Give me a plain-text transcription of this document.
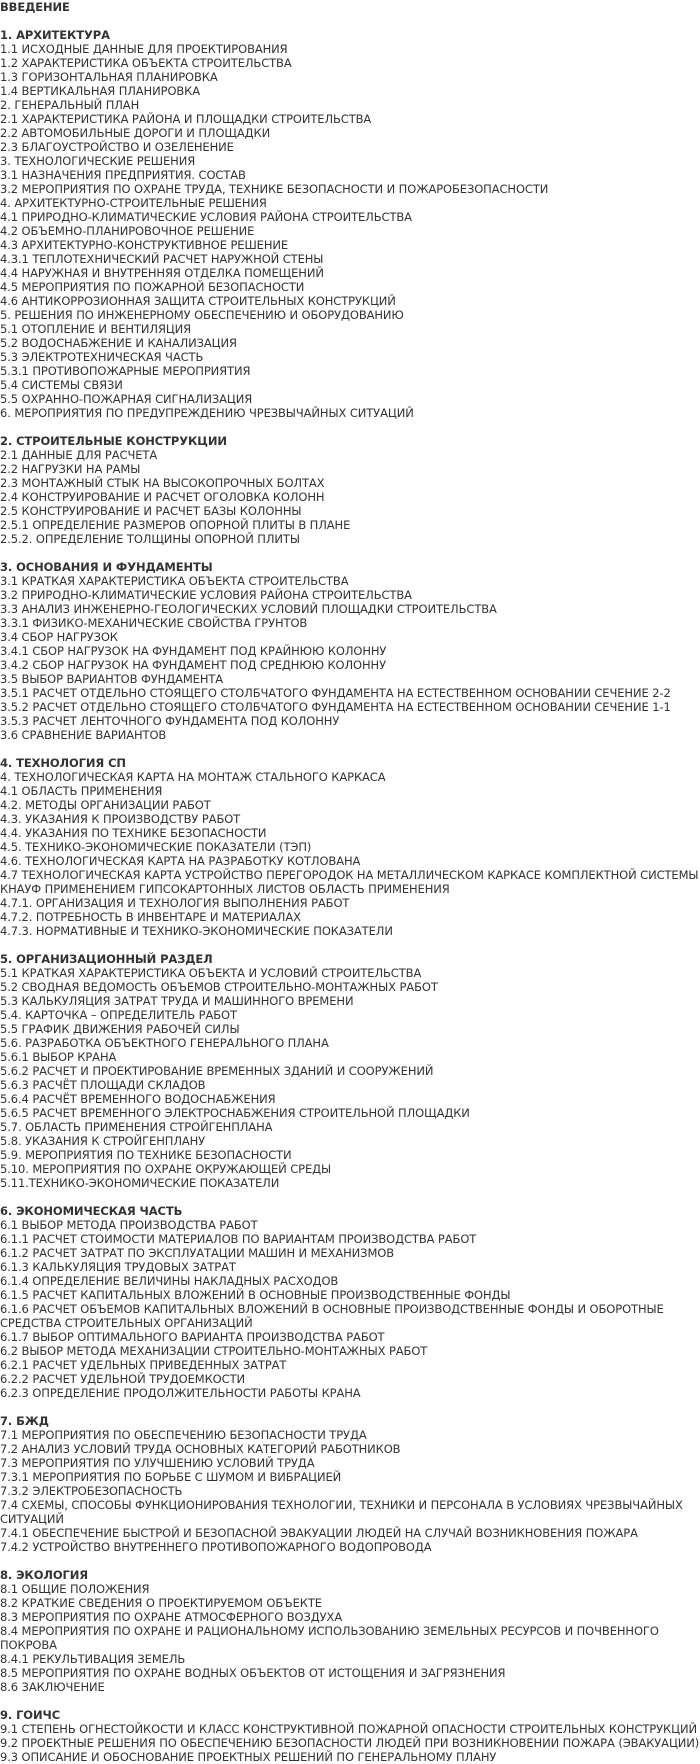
ВВЕДЕНИЕ
1. АРХИТЕКТУРА
1.1 ИСХОДНЫЕ ДАННЫЕ ДЛЯ ПРОЕКТИРОВАНИЯ
1.2 ХАРАКТЕРИСТИКА ОБЪЕКТА СТРОИТЕЛЬСТВА
1.3 ГОРИЗОНТАЛЬНАЯ ПЛАНИРОВКА
1.4 ВЕРТИКАЛЬНАЯ ПЛАНИРОВКА
2. ГЕНЕРАЛЬНЫЙ ПЛАН
2.1 ХАРАКТЕРИСТИКА РАЙОНА И ПЛОЩАДКИ СТРОИТЕЛЬСТВА
2.2 АВТОМОБИЛЬНЫЕ ДОРОГИ И ПЛОЩАДКИ
2.3 БЛАГОУСТРОЙСТВО И ОЗЕЛЕНЕНИЕ
3. ТЕХНОЛОГИЧЕСКИЕ РЕШЕНИЯ
3.1 НАЗНАЧЕНИЯ ПРЕДПРИЯТИЯ. СОСТАВ
3.2 МЕРОПРИЯТИЯ ПО ОХРАНЕ ТРУДА, ТЕХНИКЕ БЕЗОПАСНОСТИ И ПОЖАРОБЕЗОПАСНОСТИ
4. АРХИТЕКТУРНО-СТРОИТЕЛЬНЫЕ РЕШЕНИЯ
4.1 ПРИРОДНО-КЛИМАТИЧЕСКИЕ УСЛОВИЯ РАЙОНА СТРОИТЕЛЬСТВА
4.2 ОБЪЕМНО-ПЛАНИРОВОЧНОЕ РЕШЕНИЕ
4.3 АРХИТЕКТУРНО-КОНСТРУКТИВНОЕ РЕШЕНИЕ
4.3.1 ТЕПЛОТЕХНИЧЕСКИЙ РАСЧЕТ НАРУЖНОЙ СТЕНЫ
4.4 НАРУЖНАЯ И ВНУТРЕННЯЯ ОТДЕЛКА ПОМЕЩЕНИЙ
4.5 МЕРОПРИЯТИЯ ПО ПОЖАРНОЙ БЕЗОПАСНОСТИ
4.6 АНТИКОРРОЗИОННАЯ ЗАЩИТА СТРОИТЕЛЬНЫХ КОНСТРУКЦИЙ
5. РЕШЕНИЯ ПО ИНЖЕНЕРНОМУ ОБЕСПЕЧЕНИЮ И ОБОРУДОВАНИЮ
5.1 ОТОПЛЕНИЕ И ВЕНТИЛЯЦИЯ
5.2 ВОДОСНАБЖЕНИЕ И КАНАЛИЗАЦИЯ
5.3 ЭЛЕКТРОТЕХНИЧЕСКАЯ ЧАСТЬ
5.3.1 ПРОТИВОПОЖАРНЫЕ МЕРОПРИЯТИЯ
5.4 СИСТЕМЫ СВЯЗИ
5.5 ОХРАННО-ПОЖАРНАЯ СИГНАЛИЗАЦИЯ
6. МЕРОПРИЯТИЯ ПО ПРЕДУПРЕЖДЕНИЮ ЧРЕЗВЫЧАЙНЫХ СИТУАЦИЙ
2. СТРОИТЕЛЬНЫЕ КОНСТРУКЦИИ
2.1 ДАННЫЕ ДЛЯ РАСЧЕТА
2.2 НАГРУЗКИ НА РАМЫ
2.3 МОНТАЖНЫЙ СТЫК НА ВЫСОКОПРОЧНЫХ БОЛТАХ
2.4 КОНСТРУИРОВАНИЕ И РАСЧЕТ ОГОЛОВКА КОЛОНН
2.5 КОНСТРУИРОВАНИЕ И РАСЧЕТ БАЗЫ КОЛОННЫ
2.5.1 ОПРЕДЕЛЕНИЕ РАЗМЕРОВ ОПОРНОЙ ПЛИТЫ В ПЛАНЕ
2.5.2. ОПРЕДЕЛЕНИЕ ТОЛЩИНЫ ОПОРНОЙ ПЛИТЫ
3. ОСНОВАНИЯ И ФУНДАМЕНТЫ
3.1 КРАТКАЯ ХАРАКТЕРИСТИКА ОБЪЕКТА СТРОИТЕЛЬСТВА
3.2 ПРИРОДНО-КЛИМАТИЧЕСКИЕ УСЛОВИЯ РАЙОНА СТРОИТЕЛЬСТВА
3.3 АНАЛИЗ ИНЖЕНЕРНО-ГЕОЛОГИЧЕСКИХ УСЛОВИЙ ПЛОЩАДКИ СТРОИТЕЛЬСТВА
3.3.1 ФИЗИКО-МЕХАНИЧЕСКИЕ СВОЙСТВА ГРУНТОВ
3.4 СБОР НАГРУЗОК
3.4.1 СБОР НАГРУЗОК НА ФУНДАМЕНТ ПОД КРАЙНЮЮ КОЛОННУ
3.4.2 СБОР НАГРУЗОК НА ФУНДАМЕНТ ПОД СРЕДНЮЮ КОЛОННУ
3.5 ВЫБОР ВАРИАНТОВ ФУНДАМЕНТА
3.5.1 РАСЧЕТ ОТДЕЛЬНО СТОЯЩЕГО СТОЛБЧАТОГО ФУНДАМЕНТА НА ЕСТЕСТВЕННОМ ОСНОВАНИИ СЕЧЕНИЕ 2-2
3.5.2 РАСЧЕТ ОТДЕЛЬНО СТОЯЩЕГО СТОЛБЧАТОГО ФУНДАМЕНТА НА ЕСТЕСТВЕННОМ ОСНОВАНИИ СЕЧЕНИЕ 1-1
3.5.3 РАСЧЕТ ЛЕНТОЧНОГО ФУНДАМЕНТА ПОД КОЛОННУ
3.6 СРАВНЕНИЕ ВАРИАНТОВ
4. ТЕХНОЛОГИЯ СП
4. ТЕХНОЛОГИЧЕСКАЯ КАРТА НА МОНТАЖ СТАЛЬНОГО КАРКАСА
4.1 ОБЛАСТЬ ПРИМЕНЕНИЯ
4.2. МЕТОДЫ ОРГАНИЗАЦИИ РАБОТ
4.3. УКАЗАНИЯ К ПРОИЗВОДСТВУ РАБОТ
4.4. УКАЗАНИЯ ПО ТЕХНИКЕ БЕЗОПАСНОСТИ
4.5. ТЕХНИКО-ЭКОНОМИЧЕСКИЕ ПОКАЗАТЕЛИ (ТЭП)
4.6. ТЕХНОЛОГИЧЕСКАЯ КАРТА НА РАЗРАБОТКУ КОТЛОВАНА
4.7 ТЕХНОЛОГИЧЕСКАЯ КАРТА УСТРОЙСТВО ПЕРЕГОРОДОК НА МЕТАЛЛИЧЕСКОМ КАРКАСЕ КОМПЛЕКТНОЙ СИСТЕМЫ КНАУФ ПРИМЕНЕНИЕМ ГИПСОКАРТОННЫХ ЛИСТОВ ОБЛАСТЬ ПРИМЕНЕНИЯ
4.7.1. ОРГАНИЗАЦИЯ И ТЕХНОЛОГИЯ ВЫПОЛНЕНИЯ РАБОТ
4.7.2. ПОТРЕБНОСТЬ В ИНВЕНТАРЕ И МАТЕРИАЛАХ
4.7.3. НОРМАТИВНЫЕ И ТЕХНИКО-ЭКОНОМИЧЕСКИЕ ПОКАЗАТЕЛИ
5. ОРГАНИЗАЦИОННЫЙ РАЗДЕЛ
5.1 КРАТКАЯ ХАРАКТЕРИСТИКА ОБЪЕКТА И УСЛОВИЙ СТРОИТЕЛЬСТВА
5.2 СВОДНАЯ ВЕДОМОСТЬ ОБЪЕМОВ СТРОИТЕЛЬНО-МОНТАЖНЫХ РАБОТ
5.3 КАЛЬКУЛЯЦИЯ ЗАТРАТ ТРУДА И МАШИННОГО ВРЕМЕНИ
5.4. КАРТОЧКА – ОПРЕДЕЛИТЕЛЬ РАБОТ
5.5 ГРАФИК ДВИЖЕНИЯ РАБОЧЕЙ СИЛЫ
5.6. РАЗРАБОТКА ОБЪЕКТНОГО ГЕНЕРАЛЬНОГО ПЛАНА
5.6.1 ВЫБОР КРАНА
5.6.2 РАСЧЕТ И ПРОЕКТИРОВАНИЕ ВРЕМЕННЫХ ЗДАНИЙ И СООРУЖЕНИЙ
5.6.3 РАСЧЁТ ПЛОЩАДИ СКЛАДОВ
5.6.4 РАСЧЁТ ВРЕМЕННОГО ВОДОСНАБЖЕНИЯ
5.6.5 РАСЧЕТ ВРЕМЕННОГО ЭЛЕКТРОСНАБЖЕНИЯ СТРОИТЕЛЬНОЙ ПЛОЩАДКИ
5.7. ОБЛАСТЬ ПРИМЕНЕНИЯ СТРОЙГЕНПЛАНА
5.8. УКАЗАНИЯ К СТРОЙГЕНПЛАНУ
5.9. МЕРОПРИЯТИЯ ПО ТЕХНИКЕ БЕЗОПАСНОСТИ
5.10. МЕРОПРИЯТИЯ ПО ОХРАНЕ ОКРУЖАЮЩЕЙ СРЕДЫ
5.11.ТЕХНИКО-ЭКОНОМИЧЕСКИЕ ПОКАЗАТЕЛИ
6. ЭКОНОМИЧЕСКАЯ ЧАСТЬ
6.1 ВЫБОР МЕТОДА ПРОИЗВОДСТВА РАБОТ
6.1.1 РАСЧЕТ СТОИМОСТИ МАТЕРИАЛОВ ПО ВАРИАНТАМ ПРОИЗВОДСТВА РАБОТ
6.1.2 РАСЧЕТ ЗАТРАТ ПО ЭКСПЛУАТАЦИИ МАШИН И МЕХАНИЗМОВ
6.1.3 КАЛЬКУЛЯЦИЯ ТРУДОВЫХ ЗАТРАТ
6.1.4 ОПРЕДЕЛЕНИЕ ВЕЛИЧИНЫ НАКЛАДНЫХ РАСХОДОВ
6.1.5 РАСЧЕТ КАПИТАЛЬНЫХ ВЛОЖЕНИЙ В ОСНОВНЫЕ ПРОИЗВОДСТВЕННЫЕ ФОНДЫ
6.1.6 РАСЧЕТ ОБЪЕМОВ КАПИТАЛЬНЫХ ВЛОЖЕНИЙ В ОСНОВНЫЕ ПРОИЗВОДСТВЕННЫЕ ФОНДЫ И ОБОРОТНЫЕ СРЕДСТВА СТРОИТЕЛЬНЫХ ОРГАНИЗАЦИЙ
6.1.7 ВЫБОР ОПТИМАЛЬНОГО ВАРИАНТА ПРОИЗВОДСТВА РАБОТ
6.2 ВЫБОР МЕТОДА МЕХАНИЗАЦИИ СТРОИТЕЛЬНО-МОНТАЖНЫХ РАБОТ
6.2.1 РАСЧЕТ УДЕЛЬНЫХ ПРИВЕДЕННЫХ ЗАТРАТ
6.2.2 РАСЧЕТ УДЕЛЬНОЙ ТРУДОЕМКОСТИ
6.2.3 ОПРЕДЕЛЕНИЕ ПРОДОЛЖИТЕЛЬНОСТИ РАБОТЫ КРАНА
7. БЖД
7.1 МЕРОПРИЯТИЯ ПО ОБЕСПЕЧЕНИЮ БЕЗОПАСНОСТИ ТРУДА
7.2 АНАЛИЗ УСЛОВИЙ ТРУДА ОСНОВНЫХ КАТЕГОРИЙ РАБОТНИКОВ
7.3 МЕРОПРИЯТИЯ ПО УЛУЧШЕНИЮ УСЛОВИЙ ТРУДА
7.3.1 МЕРОПРИЯТИЯ ПО БОРЬБЕ С ШУМОМ И ВИБРАЦИЕЙ
7.3.2 ЭЛЕКТРОБЕЗОПАСНОСТЬ
7.4 СХЕМЫ, СПОСОБЫ ФУНКЦИОНИРОВАНИЯ ТЕХНОЛОГИИ, ТЕХНИКИ И ПЕРСОНАЛА В УСЛОВИЯХ ЧРЕЗВЫЧАЙНЫХ СИТУАЦИЙ
7.4.1 ОБЕСПЕЧЕНИЕ БЫСТРОЙ И БЕЗОПАСНОЙ ЭВАКУАЦИИ ЛЮДЕЙ НА СЛУЧАЙ ВОЗНИКНОВЕНИЯ ПОЖАРА
7.4.2 УСТРОЙСТВО ВНУТРЕННЕГО ПРОТИВОПОЖАРНОГО ВОДОПРОВОДА
8. ЭКОЛОГИЯ
8.1 ОБЩИЕ ПОЛОЖЕНИЯ
8.2 КРАТКИЕ СВЕДЕНИЯ О ПРОЕКТИРУЕМОМ ОБЪЕКТЕ
8.3 МЕРОПРИЯТИЯ ПО ОХРАНЕ АТМОСФЕРНОГО ВОЗДУХА
8.4 МЕРОПРИЯТИЯ ПО ОХРАНЕ И РАЦИОНАЛЬНОМУ ИСПОЛЬЗОВАНИЮ ЗЕМЕЛЬНЫХ РЕСУРСОВ И ПОЧВЕННОГО ПОКРОВА
8.4.1 РЕКУЛЬТИВАЦИЯ ЗЕМЕЛЬ
8.5 МЕРОПРИЯТИЯ ПО ОХРАНЕ ВОДНЫХ ОБЪЕКТОВ ОТ ИСТОЩЕНИЯ И ЗАГРЯЗНЕНИЯ
8.6 ЗАКЛЮЧЕНИЕ
9. ГОИЧС
9.1 СТЕПЕНЬ ОГНЕСТОЙКОСТИ И КЛАСС КОНСТРУКТИВНОЙ ПОЖАРНОЙ ОПАСНОСТИ СТРОИТЕЛЬНЫХ КОНСТРУКЦИЙ
9.2 ПРОЕКТНЫЕ РЕШЕНИЯ ПО ОБЕСПЕЧЕНИЮ БЕЗОПАСНОСТИ ЛЮДЕЙ ПРИ ВОЗНИКНОВЕНИИ ПОЖАРА (ЭВАКУАЦИИ)
9.3 ОПИСАНИЕ И ОБОСНОВАНИЕ ПРОЕКТНЫХ РЕШЕНИЙ ПО ГЕНЕРАЛЬНОМУ ПЛАНУ
